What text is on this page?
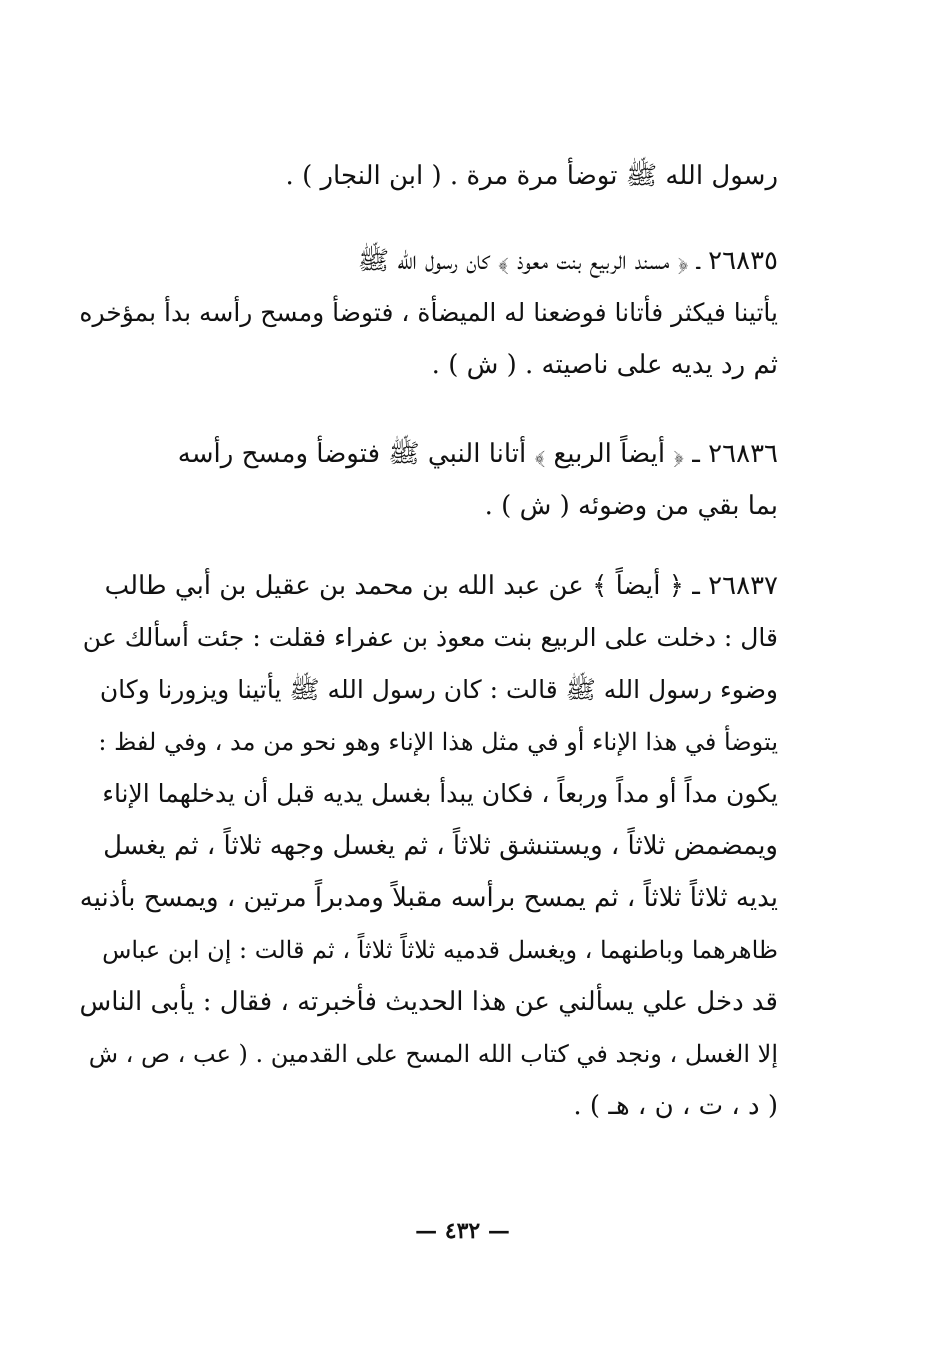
رسول الله ﷺ توضأ مرة مرة . ( ابن النجار ) .
٢٦٨٣٥ ـ ﴿ مسند الربيع بنت معوذ ﴾ كان رسول الله ﷺ
يأتينا فيكثر فأتانا فوضعنا له الميضأة ، فتوضأ ومسح رأسه بدأ بمؤخره
ثم رد يديه على ناصيته . ( ش ) .
٢٦٨٣٦ ـ ﴿ أيضاً الربيع ﴾ أتانا النبي ﷺ فتوضأ ومسح رأسه
بما بقي من وضوئه ( ش ) .
٢٦٨٣٧ ـ ﴿ أيضاً ﴾ عن عبد الله بن محمد بن عقيل بن أبي طالب
قال : دخلت على الربيع بنت معوذ بن عفراء فقلت : جئت أسألك عن
وضوء رسول الله ﷺ قالت : كان رسول الله ﷺ يأتينا ويزورنا وكان
يتوضأ في هذا الإناء أو في مثل هذا الإناء وهو نحو من مد ، وفي لفظ :
يكون مداً أو مداً وربعاً ، فكان يبدأ بغسل يديه قبل أن يدخلهما الإناء
ويمضمض ثلاثاً ، ويستنشق ثلاثاً ، ثم يغسل وجهه ثلاثاً ، ثم يغسل
يديه ثلاثاً ثلاثاً ، ثم يمسح برأسه مقبلاً ومدبراً مرتين ، ويمسح بأذنيه
ظاهرهما وباطنهما ، ويغسل قدميه ثلاثاً ثلاثاً ، ثم قالت : إن ابن عباس
قد دخل علي يسألني عن هذا الحديث فأخبرته ، فقال : يأبى الناس
إلا الغسل ، ونجد في كتاب الله المسح على القدمين . ( عب ، ص ، ش
( د ، ت ، ن ، هـ ) .
— ٤٣٢ —
